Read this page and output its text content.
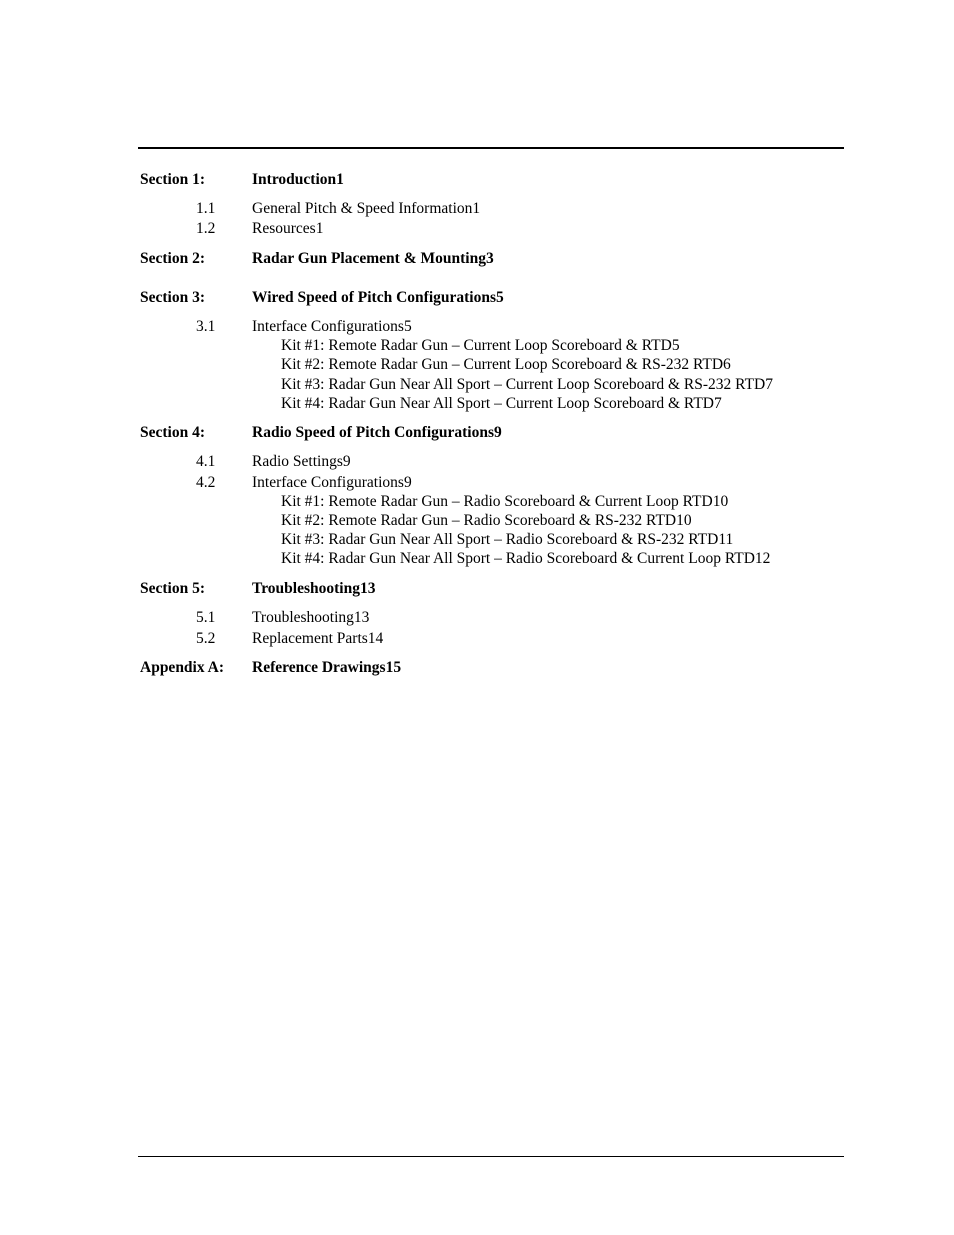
Section 1:	Introduction 1
1.1 General Pitch & Speed Information 1
1.2 Resources 1
Section 2:	Radar Gun Placement & Mounting 3
Section 3:	Wired Speed of Pitch Configurations 5
3.1 Interface Configurations 5
Kit #1: Remote Radar Gun – Current Loop Scoreboard & RTD 5
Kit #2: Remote Radar Gun – Current Loop Scoreboard & RS-232 RTD 6
Kit #3: Radar Gun Near All Sport – Current Loop Scoreboard & RS-232 RTD 7
Kit #4: Radar Gun Near All Sport – Current Loop Scoreboard & RTD 7
Section 4:	Radio Speed of Pitch Configurations 9
4.1 Radio Settings 9
4.2 Interface Configurations 9
Kit #1: Remote Radar Gun – Radio Scoreboard & Current Loop RTD 10
Kit #2: Remote Radar Gun – Radio Scoreboard & RS-232 RTD 10
Kit #3: Radar Gun Near All Sport – Radio Scoreboard & RS-232 RTD 11
Kit #4: Radar Gun Near All Sport – Radio Scoreboard & Current Loop RTD 12
Section 5:	Troubleshooting 13
5.1 Troubleshooting 13
5.2 Replacement Parts 14
Appendix A: Reference Drawings 15
